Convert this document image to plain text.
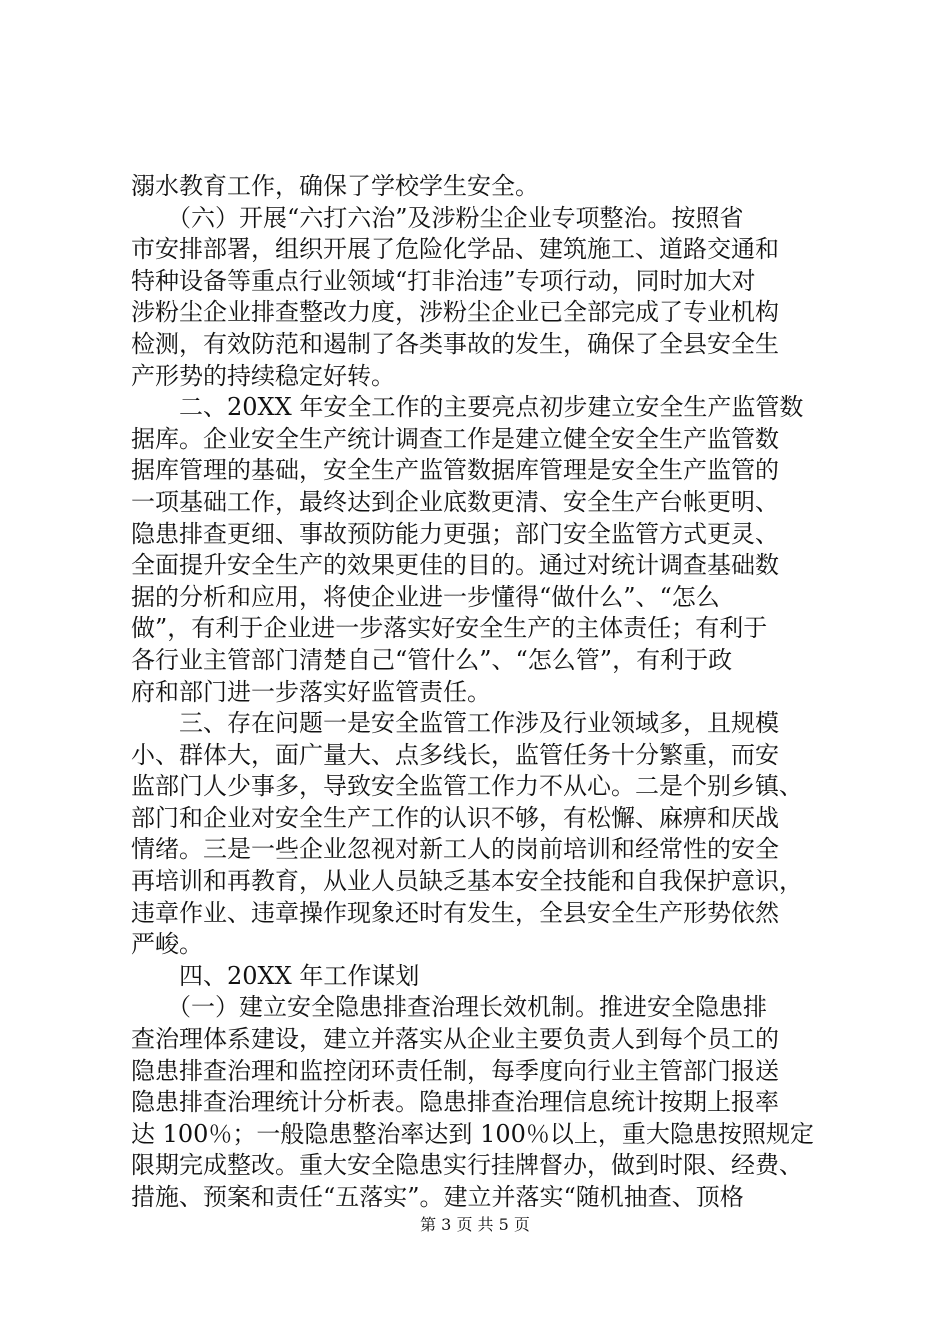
溺水教育工作，确保了学校学生安全。
　　（六）开展“六打六治”及涉粉尘企业专项整治。按照省
市安排部署，组织开展了危险化学品、建筑施工、道路交通和
特种设备等重点行业领域“打非治违”专项行动，同时加大对
涉粉尘企业排查整改力度，涉粉尘企业已全部完成了专业机构
检测，有效防范和遏制了各类事故的发生，确保了全县安全生
产形势的持续稳定好转。
　　二、20XX 年安全工作的主要亮点初步建立安全生产监管数
据库。企业安全生产统计调查工作是建立健全安全生产监管数
据库管理的基础，安全生产监管数据库管理是安全生产监管的
一项基础工作，最终达到企业底数更清、安全生产台帐更明、
隐患排查更细、事故预防能力更强；部门安全监管方式更灵、
全面提升安全生产的效果更佳的目的。通过对统计调查基础数
据的分析和应用，将使企业进一步懂得“做什么”、“怎么
做”，有利于企业进一步落实好安全生产的主体责任；有利于
各行业主管部门清楚自己“管什么”、“怎么管”，有利于政
府和部门进一步落实好监管责任。
　　三、存在问题一是安全监管工作涉及行业领域多，且规模
小、群体大，面广量大、点多线长，监管任务十分繁重，而安
监部门人少事多，导致安全监管工作力不从心。二是个别乡镇、
部门和企业对安全生产工作的认识不够，有松懈、麻痹和厌战
情绪。三是一些企业忽视对新工人的岗前培训和经常性的安全
再培训和再教育，从业人员缺乏基本安全技能和自我保护意识，
违章作业、违章操作现象还时有发生，全县安全生产形势依然
严峻。
　　四、20XX 年工作谋划
　　（一）建立安全隐患排查治理长效机制。推进安全隐患排
查治理体系建设，建立并落实从企业主要负责人到每个员工的
隐患排查治理和监控闭环责任制，每季度向行业主管部门报送
隐患排查治理统计分析表。隐患排查治理信息统计按期上报率
达 100％；一般隐患整治率达到 100％以上，重大隐患按照规定
限期完成整改。重大安全隐患实行挂牌督办，做到时限、经费、
措施、预案和责任“五落实”。建立并落实“随机抽查、顶格
第 3 页 共 5 页
